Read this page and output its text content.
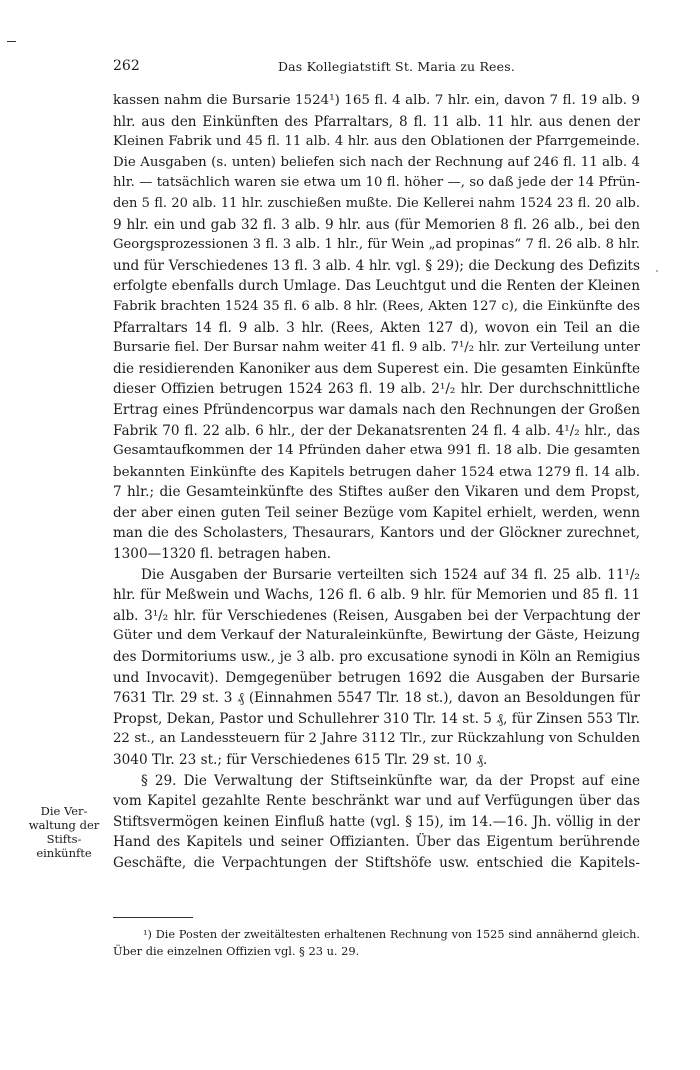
262	Das Kollegiatstift St. Maria zu Rees.
kassen nahm die Bursarie 1524¹) 165 fl. 4 alb. 7 hlr. ein, davon 7 fl. 19 alb. 9
hlr. aus den Einkünften des Pfarraltars, 8 fl. 11 alb. 11 hlr. aus denen der
Kleinen Fabrik und 45 fl. 11 alb. 4 hlr. aus den Oblationen der Pfarrgemeinde.
Die Ausgaben (s. unten) beliefen sich nach der Rechnung auf 246 fl. 11 alb. 4
hlr. — tatsächlich waren sie etwa um 10 fl. höher —, so daß jede der 14 Pfrün-
den 5 fl. 20 alb. 11 hlr. zuschießen mußte. Die Kellerei nahm 1524 23 fl. 20 alb.
9 hlr. ein und gab 32 fl. 3 alb. 9 hlr. aus (für Memorien 8 fl. 26 alb., bei den
Georgsprozessionen 3 fl. 3 alb. 1 hlr., für Wein „ad propinas“ 7 fl. 26 alb. 8 hlr.
und für Verschiedenes 13 fl. 3 alb. 4 hlr. vgl. § 29); die Deckung des Defizits
erfolgte ebenfalls durch Umlage. Das Leuchtgut und die Renten der Kleinen
Fabrik brachten 1524 35 fl. 6 alb. 8 hlr. (Rees, Akten 127 c), die Einkünfte des
Pfarraltars 14 fl. 9 alb. 3 hlr. (Rees, Akten 127 d), wovon ein Teil an die
Bursarie fiel. Der Bursar nahm weiter 41 fl. 9 alb. 7¹/₂ hlr. zur Verteilung unter
die residierenden Kanoniker aus dem Superest ein. Die gesamten Einkünfte
dieser Offizien betrugen 1524 263 fl. 19 alb. 2¹/₂ hlr. Der durchschnittliche
Ertrag eines Pfründencorpus war damals nach den Rechnungen der Großen
Fabrik 70 fl. 22 alb. 6 hlr., der der Dekanatsrenten 24 fl. 4 alb. 4¹/₂ hlr., das
Gesamtaufkommen der 14 Pfründen daher etwa 991 fl. 18 alb. Die gesamten
bekannten Einkünfte des Kapitels betrugen daher 1524 etwa 1279 fl. 14 alb.
7 hlr.; die Gesamteinkünfte des Stiftes außer den Vikaren und dem Propst,
der aber einen guten Teil seiner Bezüge vom Kapitel erhielt, werden, wenn
man die des Scholasters, Thesaurars, Kantors und der Glöckner zurechnet,
1300—1320 fl. betragen haben.
Die Ausgaben der Bursarie verteilten sich 1524 auf 34 fl. 25 alb. 11¹/₂
hlr. für Meßwein und Wachs, 126 fl. 6 alb. 9 hlr. für Memorien und 85 fl. 11
alb. 3¹/₂ hlr. für Verschiedenes (Reisen, Ausgaben bei der Verpachtung der
Güter und dem Verkauf der Naturaleinkünfte, Bewirtung der Gäste, Heizung
des Dormitoriums usw., je 3 alb. pro excusatione synodi in Köln an Remigius
und Invocavit). Demgegenüber betrugen 1692 die Ausgaben der Bursarie
7631 Tlr. 29 st. 3 ₰ (Einnahmen 5547 Tlr. 18 st.), davon an Besoldungen für
Propst, Dekan, Pastor und Schullehrer 310 Tlr. 14 st. 5 ₰, für Zinsen 553 Tlr.
22 st., an Landessteuern für 2 Jahre 3112 Tlr., zur Rückzahlung von Schulden
3040 Tlr. 23 st.; für Verschiedenes 615 Tlr. 29 st. 10 ₰.
§ 29. Die Verwaltung der Stiftseinkünfte war, da der Propst auf eine
vom Kapitel gezahlte Rente beschränkt war und auf Verfügungen über das
Stiftsvermögen keinen Einfluß hatte (vgl. § 15), im 14.—16. Jh. völlig in der
Hand des Kapitels und seiner Offizianten. Über das Eigentum berührende
Geschäfte, die Verpachtungen der Stiftshöfe usw. entschied die Kapitels-
Die Ver-
waltung der
Stifts-
einkünfte
¹) Die Posten der zweitältesten erhaltenen Rechnung von 1525 sind annähernd gleich.
Über die einzelnen Offizien vgl. § 23 u. 29.
